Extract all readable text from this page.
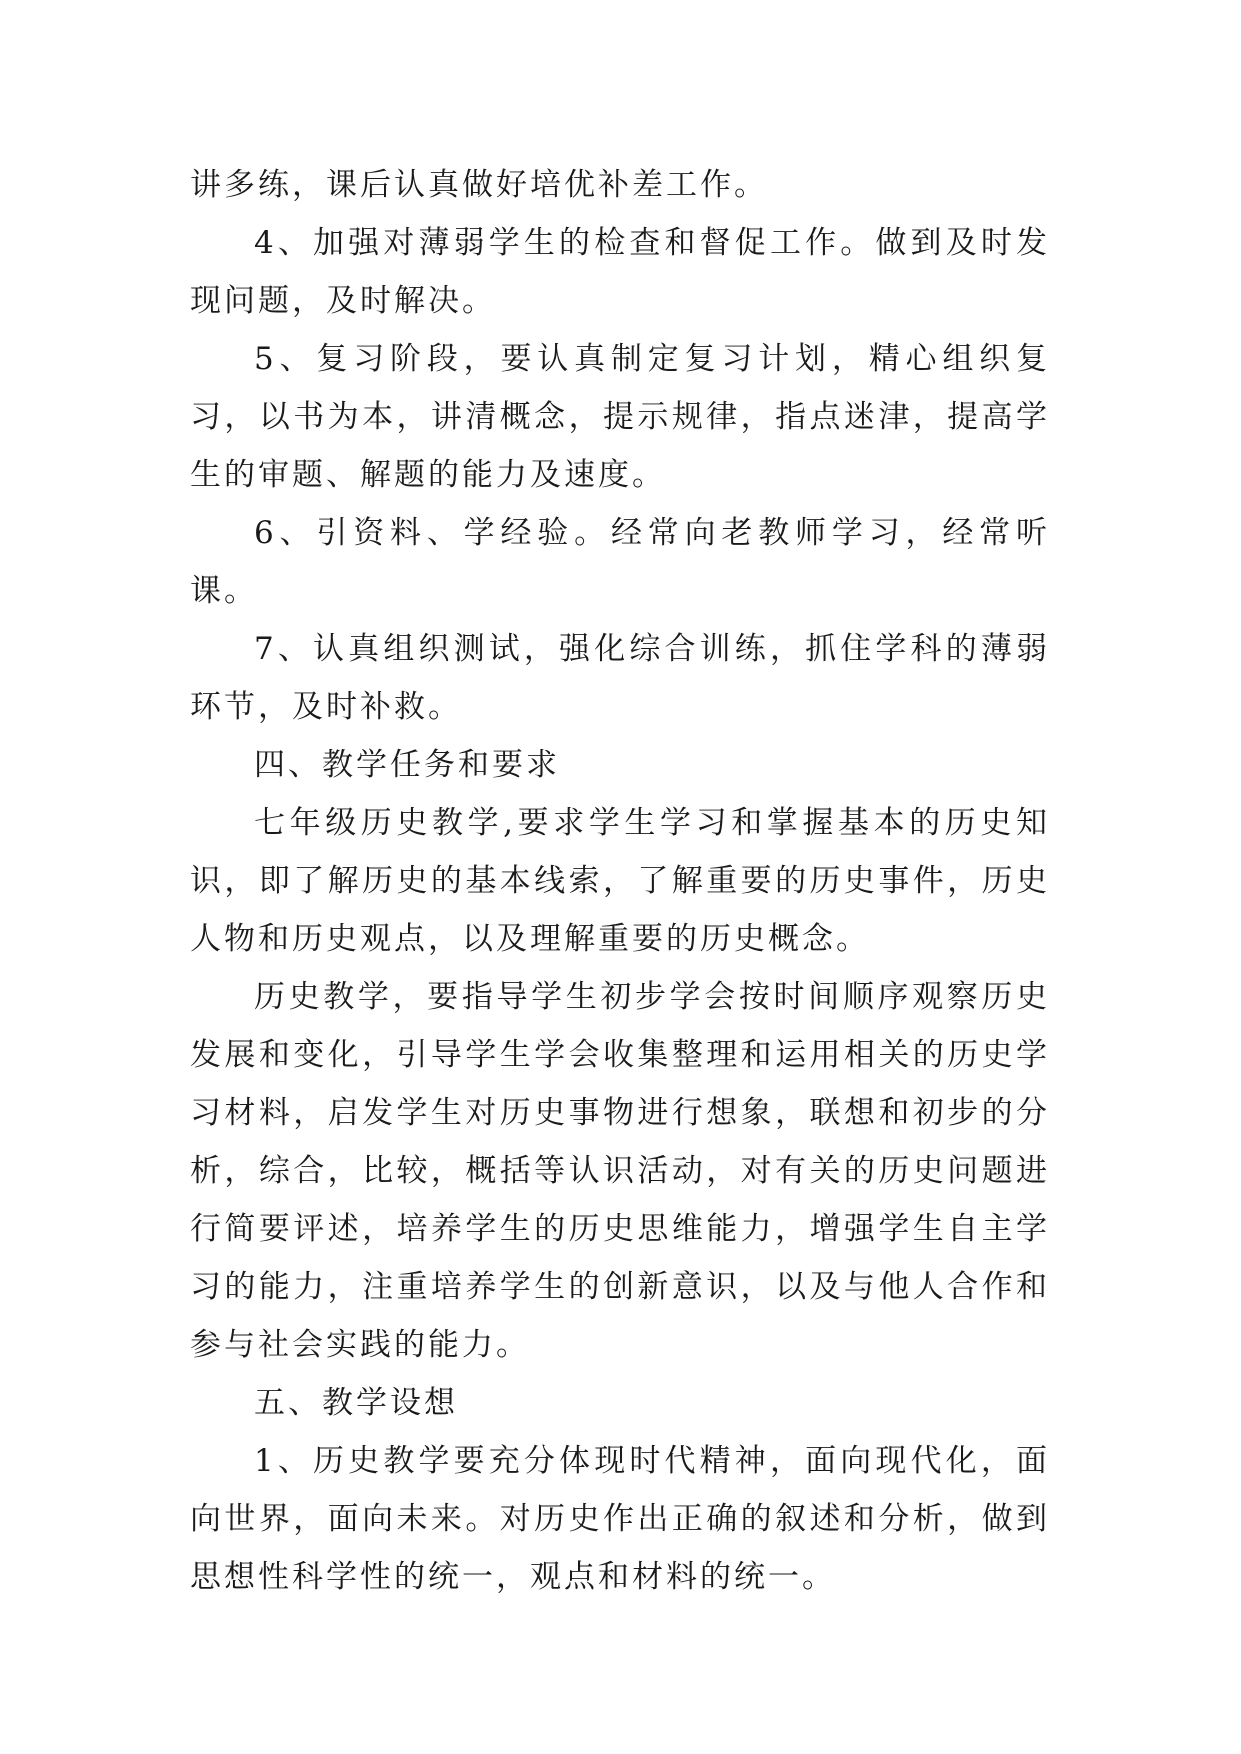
讲多练，课后认真做好培优补差工作。

4、加强对薄弱学生的检查和督促工作。做到及时发现问题，及时解决。

5、复习阶段，要认真制定复习计划，精心组织复习，以书为本，讲清概念，提示规律，指点迷津，提高学生的审题、解题的能力及速度。

6、引资料、学经验。经常向老教师学习，经常听课。

7、认真组织测试，强化综合训练，抓住学科的薄弱环节，及时补救。

四、教学任务和要求

七年级历史教学,要求学生学习和掌握基本的历史知识，即了解历史的基本线索，了解重要的历史事件，历史人物和历史观点，以及理解重要的历史概念。

历史教学，要指导学生初步学会按时间顺序观察历史发展和变化，引导学生学会收集整理和运用相关的历史学习材料，启发学生对历史事物进行想象，联想和初步的分析，综合，比较，概括等认识活动，对有关的历史问题进行简要评述，培养学生的历史思维能力，增强学生自主学习的能力，注重培养学生的创新意识，以及与他人合作和参与社会实践的能力。

五、教学设想

1、历史教学要充分体现时代精神，面向现代化，面向世界，面向未来。对历史作出正确的叙述和分析，做到思想性科学性的统一，观点和材料的统一。
